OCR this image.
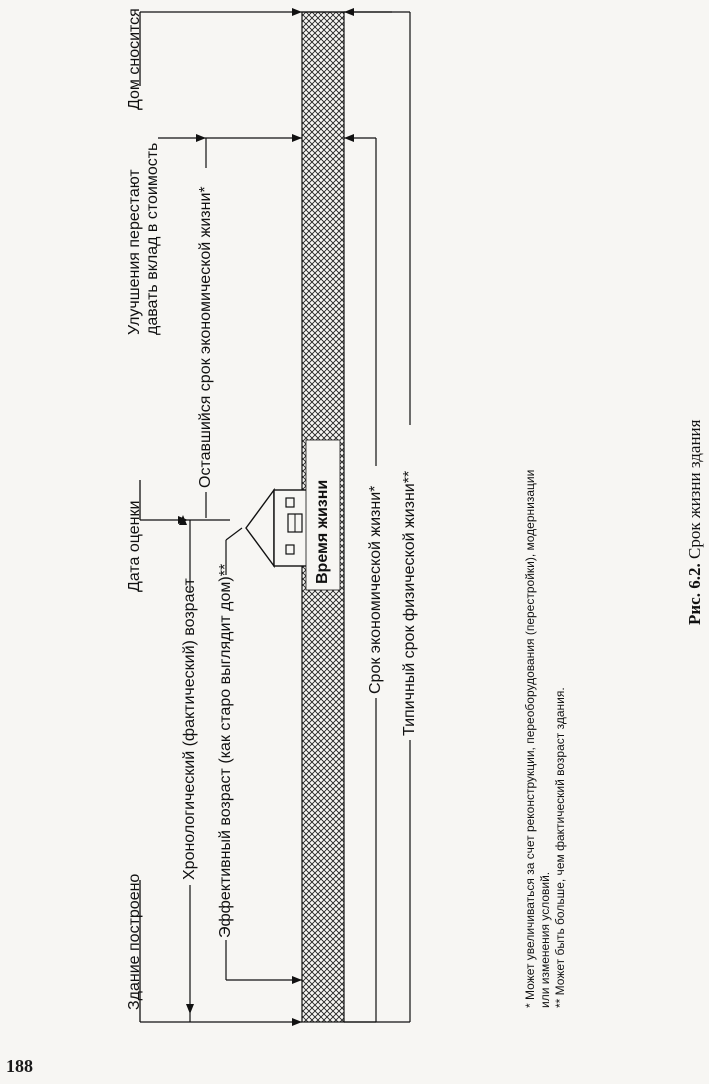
Здание построено
Дата оценки
Улучшения перестают давать вклад в стоимость
Дом сносится
Хронологический (фактический) возраст Эффективный возраст (как старо выглядит дом)**
Оставшийся срок экономической жизни*
Время жизни Срок экономической жизни* Типичный срок физической жизни**	* Может увеличиваться за счет реконструкции, переоборудования (перестройки), модернизации или изменения условий. ** Может быть больше, чем фактический возраст здания.
Рис. 6.2. Срок жизни здания
188
